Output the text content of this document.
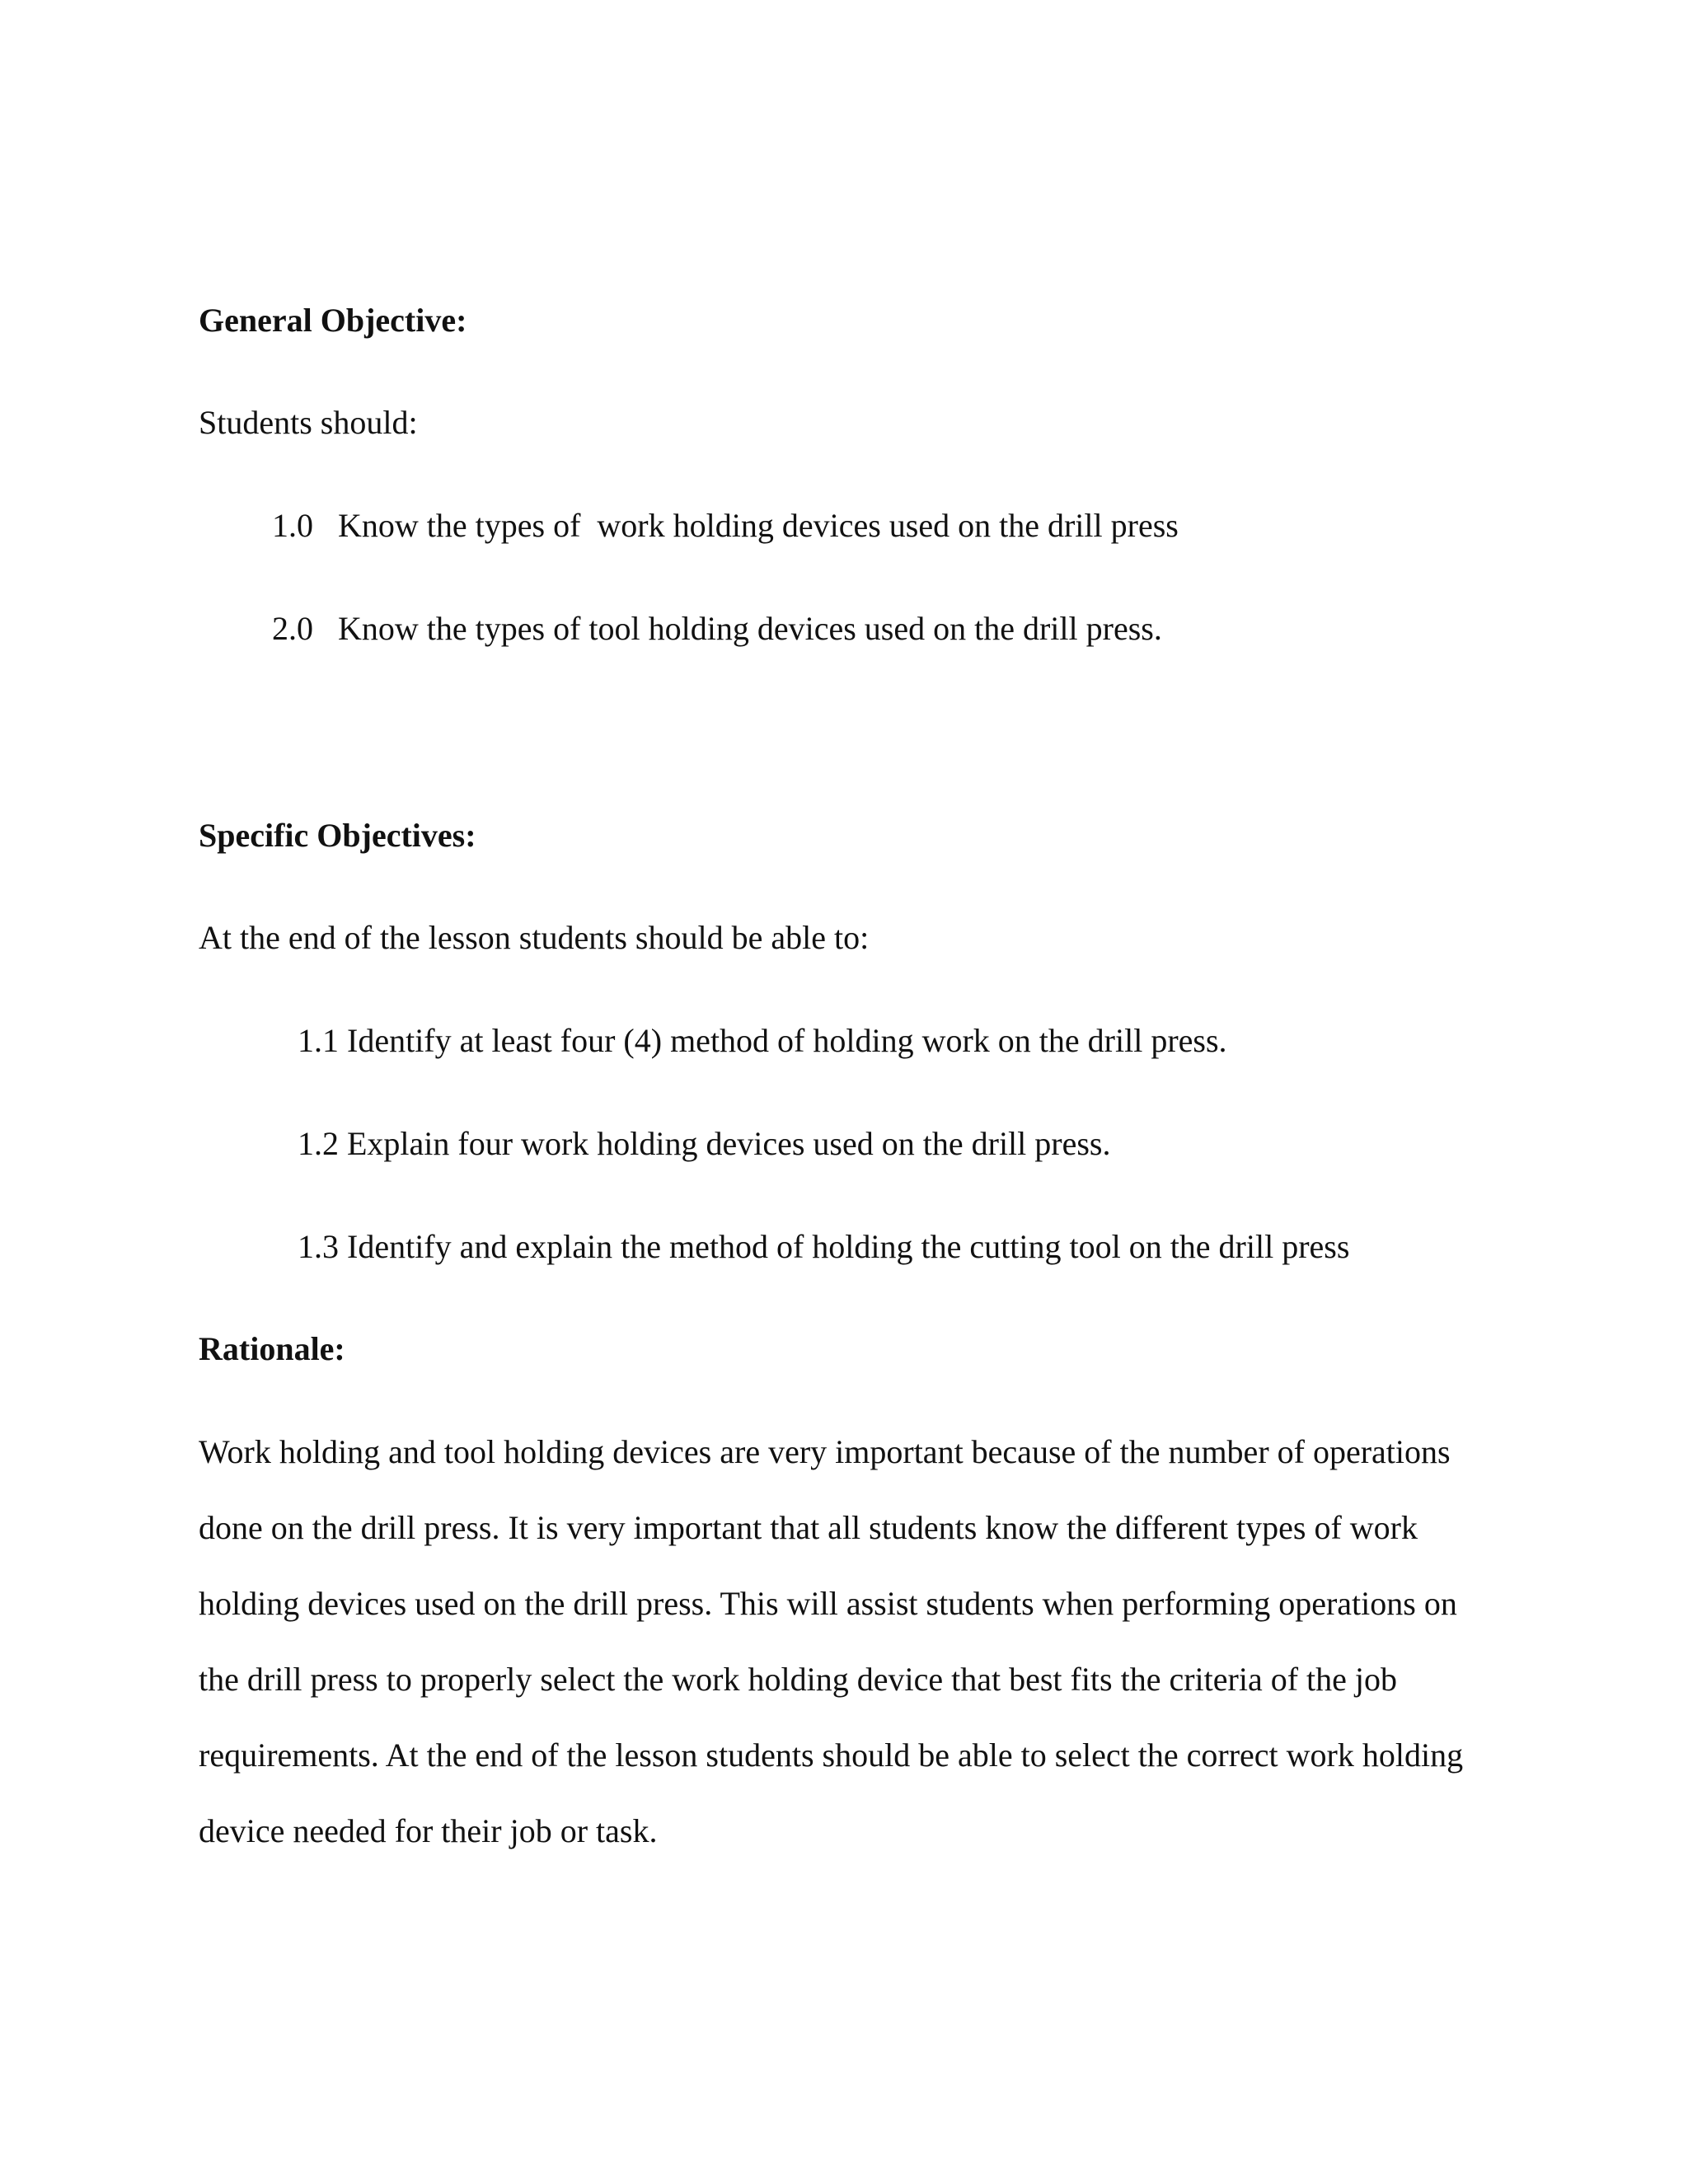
General Objective:
Students should:
1.0 Know the types of  work holding devices used on the drill press
2.0 Know the types of tool holding devices used on the drill press.
Specific Objectives:
At the end of the lesson students should be able to:
1.1 Identify at least four (4) method of holding work on the drill press.
1.2 Explain four work holding devices used on the drill press.
1.3 Identify and explain the method of holding the cutting tool on the drill press
Rationale:
Work holding and tool holding devices are very important because of the number of operations
done on the drill press. It is very important that all students know the different types of work
holding devices used on the drill press. This will assist students when performing operations on
the drill press to properly select the work holding device that best fits the criteria of the job
requirements. At the end of the lesson students should be able to select the correct work holding
device needed for their job or task.
